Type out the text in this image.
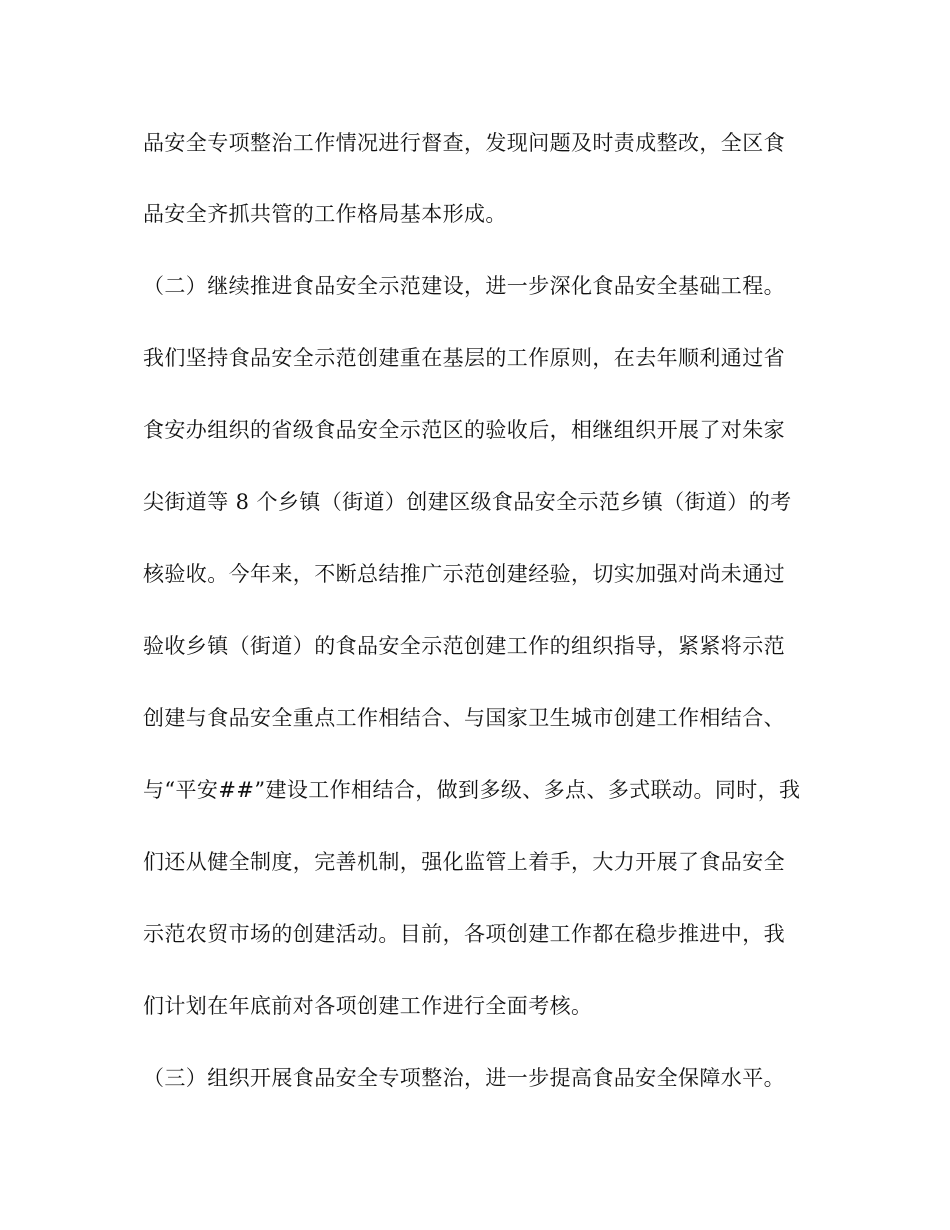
品安全专项整治工作情况进行督查，发现问题及时责成整改，全区食
品安全齐抓共管的工作格局基本形成。
（二）继续推进食品安全示范建设，进一步深化食品安全基础工程。
我们坚持食品安全示范创建重在基层的工作原则，在去年顺利通过省
食安办组织的省级食品安全示范区的验收后，相继组织开展了对朱家
尖街道等 8 个乡镇（街道）创建区级食品安全示范乡镇（街道）的考
核验收。今年来，不断总结推广示范创建经验，切实加强对尚未通过
验收乡镇（街道）的食品安全示范创建工作的组织指导，紧紧将示范
创建与食品安全重点工作相结合、与国家卫生城市创建工作相结合、
与“平安##”建设工作相结合，做到多级、多点、多式联动。同时，我
们还从健全制度，完善机制，强化监管上着手，大力开展了食品安全
示范农贸市场的创建活动。目前，各项创建工作都在稳步推进中，我
们计划在年底前对各项创建工作进行全面考核。
（三）组织开展食品安全专项整治，进一步提高食品安全保障水平。
